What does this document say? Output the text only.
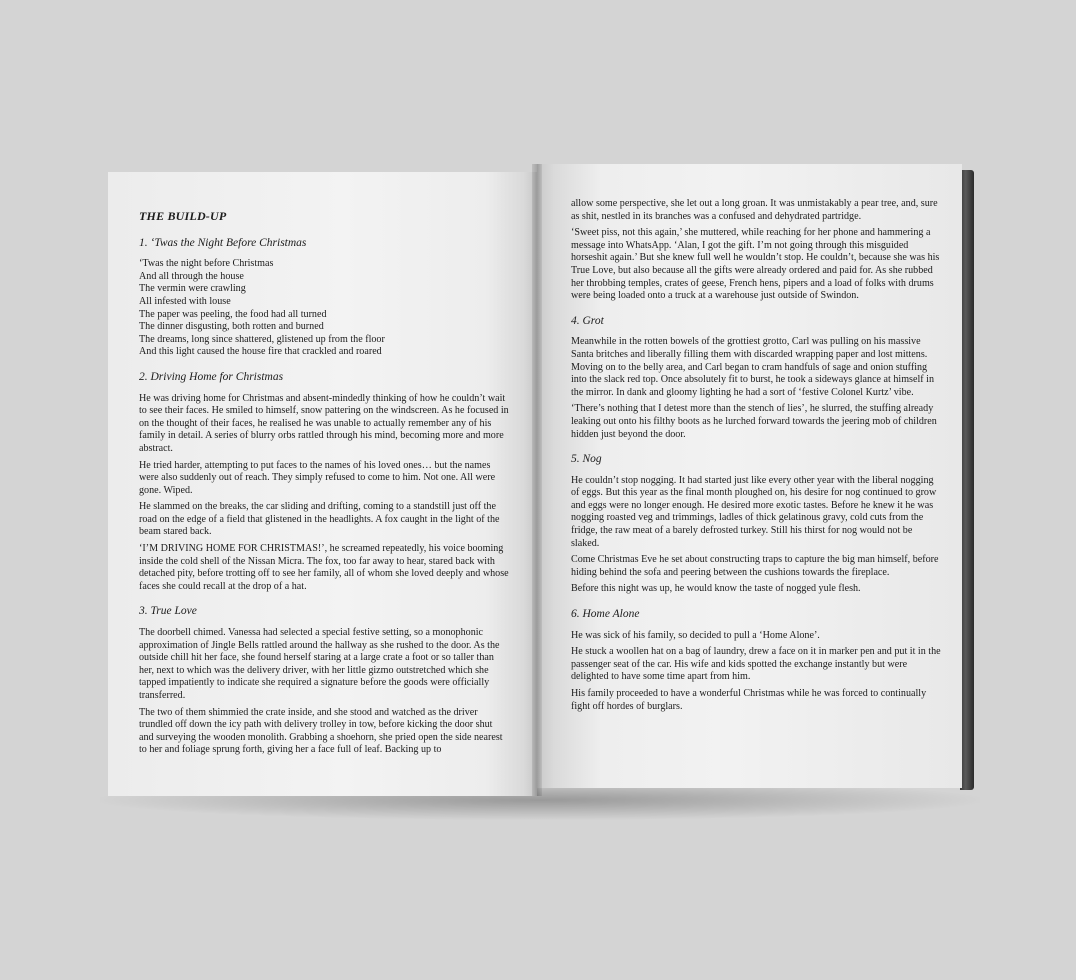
THE BUILD-UP
1. ‘Twas the Night Before Christmas

‘Twas the night before Christmas

And all through the house

The vermin were crawling

All infested with louse

The paper was peeling, the food had all turned

The dinner disgusting, both rotten and burned

The dreams, long since shattered, glistened up from the floor

And this light caused the house fire that crackled and roared

2. Driving Home for Christmas

He was driving home for Christmas and absent-mindedly thinking of how he couldn’t wait to see their faces. He smiled to himself, snow pattering on the windscreen. As he focused in on the thought of their faces, he realised he was unable to actually remember any of his family in detail. A series of blurry orbs rattled through his mind, becoming more and more abstract.

He tried harder, attempting to put faces to the names of his loved ones… but the names were also suddenly out of reach. They simply refused to come to him. Not one. All were gone. Wiped.

He slammed on the breaks, the car sliding and drifting, coming to a standstill just off the road on the edge of a field that glistened in the headlights. A fox caught in the light of the beam stared back.

‘I’M DRIVING HOME FOR CHRISTMAS!’, he screamed repeatedly, his voice booming inside the cold shell of the Nissan Micra. The fox, too far away to hear, stared back with detached pity, before trotting off to see her family, all of whom she loved deeply and whose faces she could recall at the drop of a hat.

3. True Love

The doorbell chimed. Vanessa had selected a special festive setting, so a monophonic approximation of Jingle Bells rattled around the hallway as she rushed to the door. As the outside chill hit her face, she found herself staring at a large crate a foot or so taller than her, next to which was the delivery driver, with her little gizmo outstretched which she tapped impatiently to indicate she required a signature before the goods were officially transferred.

The two of them shimmied the crate inside, and she stood and watched as the driver trundled off down the icy path with delivery trolley in tow, before kicking the door shut and surveying the wooden monolith. Grabbing a shoehorn, she pried open the side nearest to her and foliage sprung forth, giving her a face full of leaf. Backing up to

allow some perspective, she let out a long groan. It was unmistakably a pear tree, and, sure as shit, nestled in its branches was a confused and dehydrated partridge.

‘Sweet piss, not this again,’ she muttered, while reaching for her phone and hammering a message into WhatsApp. ‘Alan, I got the gift. I’m not going through this misguided horseshit again.’ But she knew full well he wouldn’t stop. He couldn’t, because she was his True Love, but also because all the gifts were already ordered and paid for. As she rubbed her throbbing temples, crates of geese, French hens, pipers and a load of folks with drums were being loaded onto a truck at a warehouse just outside of Swindon.

4. Grot

Meanwhile in the rotten bowels of the grottiest grotto, Carl was pulling on his massive Santa britches and liberally filling them with discarded wrapping paper and lost mittens. Moving on to the belly area, and Carl began to cram handfuls of sage and onion stuffing into the slack red top. Once absolutely fit to burst, he took a sideways glance at himself in the mirror. In dank and gloomy lighting he had a sort of ‘festive Colonel Kurtz’ vibe.

‘There’s nothing that I detest more than the stench of lies’, he slurred, the stuffing already leaking out onto his filthy boots as he lurched forward towards the jeering mob of children hidden just beyond the door.

5. Nog

He couldn’t stop nogging. It had started just like every other year with the liberal nogging of eggs. But this year as the final month ploughed on, his desire for nog continued to grow and eggs were no longer enough. He desired more exotic tastes. Before he knew it he was nogging roasted veg and trimmings, ladles of thick gelatinous gravy, cold cuts from the fridge, the raw meat of a barely defrosted turkey. Still his thirst for nog would not be slaked.

Come Christmas Eve he set about constructing traps to capture the big man himself, before hiding behind the sofa and peering between the cushions towards the fireplace.

Before this night was up, he would know the taste of nogged yule flesh.

6. Home Alone

He was sick of his family, so decided to pull a ‘Home Alone’.

He stuck a woollen hat on a bag of laundry, drew a face on it in marker pen and put it in the passenger seat of the car. His wife and kids spotted the exchange instantly but were delighted to have some time apart from him.

His family proceeded to have a wonderful Christmas while he was forced to continually fight off hordes of burglars.
